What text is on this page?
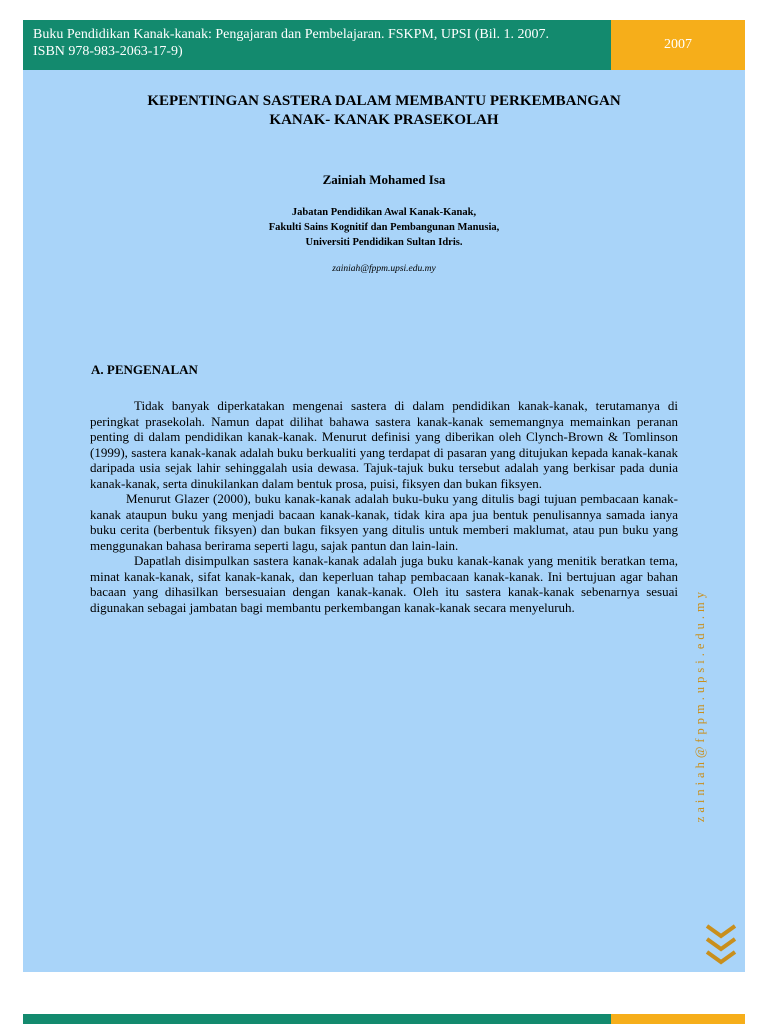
Buku Pendidikan Kanak-kanak: Pengajaran dan Pembelajaran. FSKPM, UPSI (Bil. 1. 2007.
ISBN 978-983-2063-17-9)	2007
KEPENTINGAN SASTERA DALAM MEMBANTU PERKEMBANGAN
KANAK- KANAK PRASEKOLAH
Zainiah Mohamed Isa
Jabatan Pendidikan Awal Kanak-Kanak,
Fakulti Sains Kognitif dan Pembangunan Manusia,
Universiti Pendidikan Sultan Idris.
zainiah@fppm.upsi.edu.my
A. PENGENALAN

Tidak banyak diperkatakan mengenai sastera di dalam pendidikan kanak-kanak, terutamanya di peringkat prasekolah. Namun dapat dilihat bahawa sastera kanak-kanak sememangnya memainkan peranan penting di dalam pendidikan kanak-kanak. Menurut definisi yang diberikan oleh Clynch-Brown & Tomlinson (1999), sastera kanak-kanak adalah buku berkualiti yang terdapat di pasaran yang ditujukan kepada kanak-kanak daripada usia sejak lahir sehinggalah usia dewasa. Tajuk-tajuk buku tersebut adalah yang berkisar pada dunia kanak-kanak, serta dinukilankan dalam bentuk prosa, puisi, fiksyen dan bukan fiksyen.

Menurut Glazer (2000), buku kanak-kanak adalah buku-buku yang ditulis bagi tujuan pembacaan kanak-kanak ataupun buku yang menjadi bacaan kanak-kanak, tidak kira apa jua bentuk penulisannya samada ianya buku cerita (berbentuk fiksyen) dan bukan fiksyen yang ditulis untuk memberi maklumat, atau pun buku yang menggunakan bahasa berirama seperti lagu, sajak pantun dan lain-lain.

Dapatlah disimpulkan sastera kanak-kanak adalah juga buku kanak-kanak yang menitik beratkan tema, minat kanak-kanak, sifat kanak-kanak, dan keperluan tahap pembacaan kanak-kanak. Ini bertujuan agar bahan bacaan yang dihasilkan bersesuaian dengan kanak-kanak. Oleh itu sastera kanak-kanak sebenarnya sesuai digunakan sebagai jambatan bagi membantu perkembangan kanak-kanak secara menyeluruh.	zainiah@fppm.upsi.edu.my
